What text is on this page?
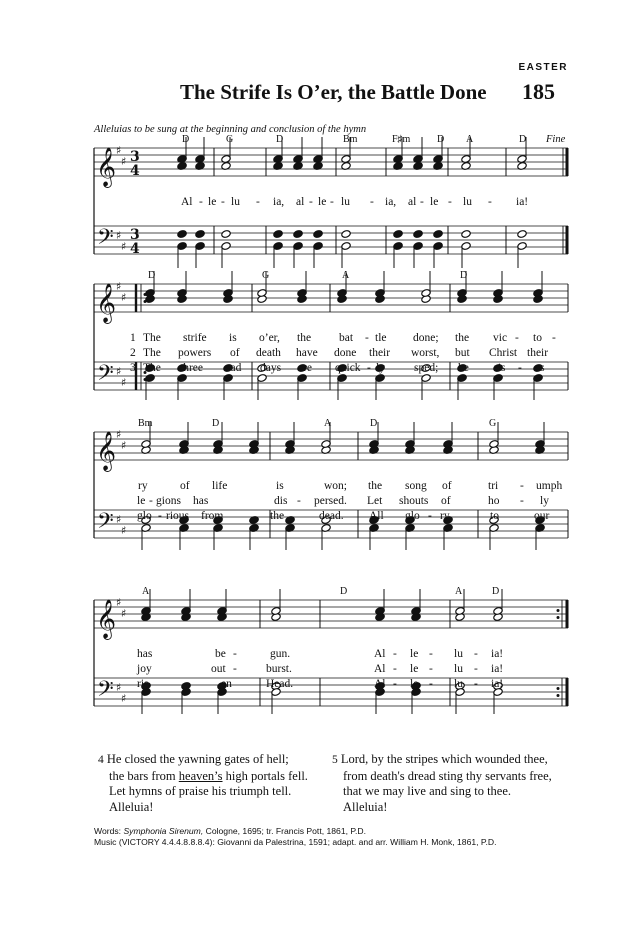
EASTER
The Strife Is O’er, the Battle Done 185
Alleluias to be sung at the beginning and conclusion of the hymn
𝄞
𝄢
♯
♯
♯
♯
3
4
3
4
𝄞
𝄢
♯
♯
♯
♯
𝄞
𝄢
♯
♯
♯
♯
𝄞
𝄢
♯
♯
♯
♯
D	G	D	Bm	F♯m	D A	D Fine
Al - le - lu - ia, al - le - lu - ia, al - le - lu - ia!
D	G	A	D
1 The strife is o’er, the bat - tle done; the vic - to -
2 The powers of death have done their worst, but Christ their
3 The three sad days are quick - ly	sped; he ris - es
Bm	D	A	D	G
ry	of life	is	won; the song of	tri - umph
le - gions has	dis - persed. Let shouts of	ho - ly
glo - rious from	the	dead. All glo - ry	to	our
A	D	A	D
has	be -	gun.	Al - le - lu - ia!
joy	out -	burst.	Al - le - lu - ia!
ris	-	en	Head.	Al - le - lu - ia!
4 He closed the yawning gates of hell;
the bars from heaven’s high portals fell.
Let hymns of praise his triumph tell.
Alleluia!
5 Lord, by the stripes which wounded thee,
from death's dread sting thy servants free,
that we may live and sing to thee.
Alleluia!
Words: Symphonia Sirenum, Cologne, 1695; tr. Francis Pott, 1861, P.D.
Music (VICTORY 4.4.4.8.8.8.4): Giovanni da Palestrina, 1591; adapt. and arr. William H. Monk, 1861, P.D.
